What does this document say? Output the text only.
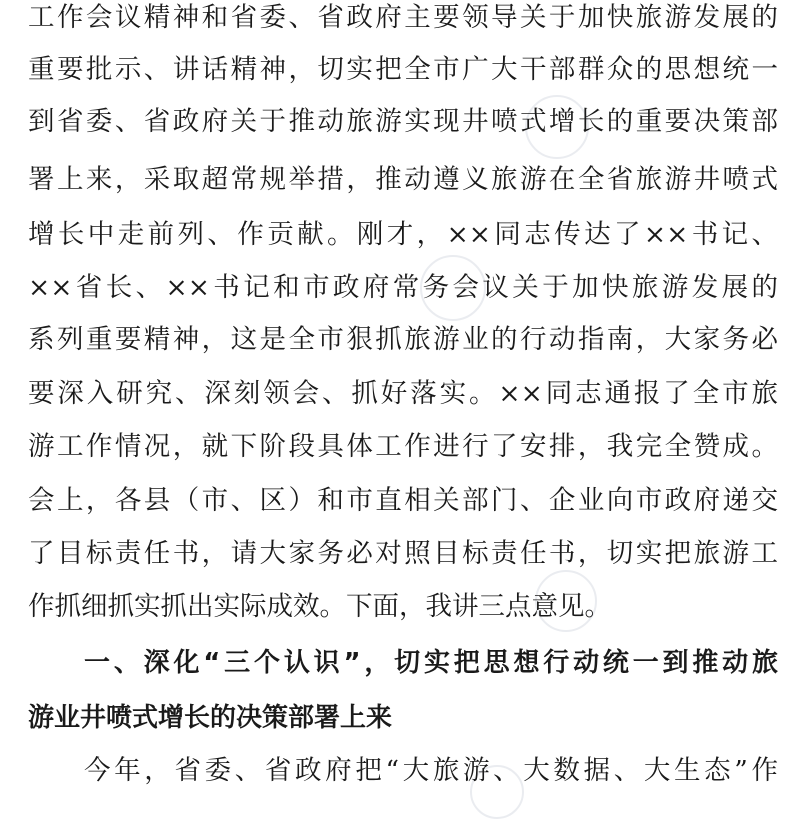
工作会议精神和省委、省政府主要领导关于加快旅游发展的
重要批示、讲话精神，切实把全市广大干部群众的思想统一
到省委、省政府关于推动旅游实现井喷式增长的重要决策部
署上来，采取超常规举措，推动遵义旅游在全省旅游井喷式
增长中走前列、作贡献。刚才，××同志传达了××书记、
××省长、××书记和市政府常务会议关于加快旅游发展的
系列重要精神，这是全市狠抓旅游业的行动指南，大家务必
要深入研究、深刻领会、抓好落实。××同志通报了全市旅
游工作情况，就下阶段具体工作进行了安排，我完全赞成。
会上，各县（市、区）和市直相关部门、企业向市政府递交
了目标责任书，请大家务必对照目标责任书，切实把旅游工
作抓细抓实抓出实际成效。下面，我讲三点意见。
一、深化“三个认识”，切实把思想行动统一到推动旅
游业井喷式增长的决策部署上来
今年，省委、省政府把“大旅游、大数据、大生态”作
